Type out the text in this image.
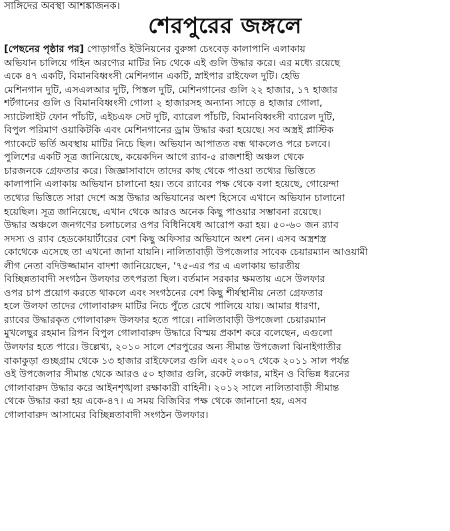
সাঙ্গিদের অবস্থা আশঙ্কাজনক।
শেরপুরের জঙ্গলে
[পেছনের পৃষ্ঠার পর] পোড়াগাঁও ইউনিয়নের বুরুঙ্গা চেংবেড় কালাপানি এলাকায়
অভিযান চালিয়ে গহিন অরণ্যের মাটির নিচ থেকে এই গুলি উদ্ধার করে। এর মধ্যে রয়েছে
একে ৪৭ একটি, বিমানবিধ্বংসী মেশিনগান একটি, স্নাইপার রাইফেল দুটি। হেভি
মেশিনগান দুটি, এসএলআর দুটি, পিস্তল দুটি, মেশিনগানের গুলি ২২ হাজার, ১৭ হাজার
শর্টগানের গুলি ও বিমানবিধ্বংসী গোলা ২ হাজারসহ অন্যান্য সাড়ে ৪ হাজার গোলা,
স্যাটেলাইট ফোন পাঁচটি, এইচএফ সেট দুটি, ব্যারেল পাঁচটি, বিমানবিধ্বংসী ব্যারেল দুটি,
বিপুল পরিমাণ ওয়াকিটকি এবং মেশিনগানের ড্রাম উদ্ধার করা হয়েছে। সব অস্ত্রই প্লাস্টিক
প্যাকেটে ভর্তি অবস্থায় মাটির নিচে ছিল। অভিযান আপাতত বন্ধ থাকলেও পরে চলবে।
পুলিশের একটি সূত্র জানিয়েছে, কয়েকদিন আগে র‌্যাব-৫ রাজশাহী অঞ্চল থেকে
চারজনকে গ্রেফতার করে। জিজ্ঞাসাবাদে তাদের কাছ থেকে পাওয়া তথ্যের ভিত্তিতে
কালাপানি এলাকায় অভিযান চালানো হয়। তবে র‌্যাবের পক্ষ থেকে বলা হয়েছে, গোয়েন্দা
তথ্যের ভিত্তিতে সারা দেশে অস্ত্র উদ্ধার অভিযানের অংশ হিসেবে এখানে অভিযান চালানো
হয়েছিল। সূত্র জানিয়েছে, এখান থেকে আরও অনেক কিছু পাওয়ার সম্ভাবনা রয়েছে।
উদ্ধার অঞ্চলে জনগণের চলাচলের ওপর বিধিনিষেধ আরোপ করা হয়। ৫০-৬০ জন র‌্যাব
সদস্য ও র‌্যাব হেডকোয়ার্টারের বেশ কিছু অফিসার অভিযানে অংশ নেন। এসব অস্ত্রশস্ত্র
কোথেকে এসেছে তা এখনো জানা যায়নি। নালিতাবাড়ী উপজেলার সাবেক চেয়ারম্যান আওয়ামী
লীগ নেতা বদিউজ্জামান বাদশা জানিয়েছেন, '৭৫-এর পর এ এলাকায় ভারতীয়
বিচ্ছিন্নতাবাদী সংগঠন উলফার তৎপরতা ছিল। বর্তমান সরকার ক্ষমতায় এসে উলফার
ওপর চাপ প্রয়োগ করতে থাকলে এবং সংগঠনের বেশ কিছু শীর্ষস্থানীয় নেতা গ্রেফতার
হলে উলফা তাদের গোলাবারুদ মাটির নিচে পুঁতে রেখে পালিয়ে যায়। আমার ধারণা,
র‌্যাবের উদ্ধারকৃত গোলাবারুদ উলফার হতে পারে। নালিতাবাড়ী উপজেলা চেয়ারম্যান
মুখলেছুর রহমান রিপন বিপুল গোলাবারুদ উদ্ধারে বিস্ময় প্রকাশ করে বলেছেন, এগুলো
উলফার হতে পারে। উল্লেখ্য, ২০১০ সালে শেরপুরের অন্য সীমান্ত উপজেলা ঝিনাইগাতীর
বাকাকুড়া গুচ্ছগ্রাম থেকে ১৩ হাজার রাইফেলের গুলি এবং ২০০৭ থেকে ২০১১ সাল পর্যন্ত
ওই উপজেলার সীমান্ত থেকে আরও ৫০ হাজার গুলি, রকেট লঞ্চার, মাইন ও বিভিন্ন ধরনের
গোলাবারুদ উদ্ধার করে আইনশৃঙ্খলা রক্ষাকারী বাহিনী। ২০১২ সালে নালিতাবাড়ী সীমান্ত
থেকে উদ্ধার করা হয় একে-৪৭। এ সময় বিজিবির পক্ষ থেকে জানানো হয়, এসব
গোলাবারুদ আসামের বিচ্ছিন্নতাবাদী সংগঠন উলফার।
